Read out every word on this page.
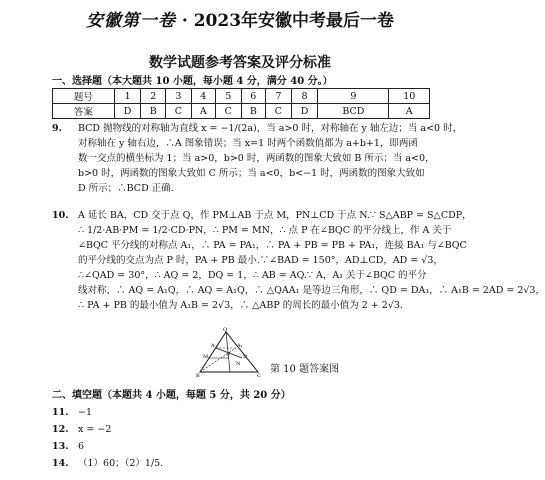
安徽第一卷 · 2023年安徽中考最后一卷
数学试题参考答案及评分标准
一、选择题（本大题共 10 小题，每小题 4 分，满分 40 分。）
题号	1	2	3	4	5	6	7	8	9	10
答案	D	B	C	A	C	B	C	D	BCD	A
9. BCD 抛物线的对称轴为直线 x = −1/(2a)，当 a>0 时，对称轴在 y 轴左边；当 a<0 时，
对称轴在 y 轴右边，∴A 图象错误；当 x=1 时两个函数值都为 a+b+1，即两函
数一交点的横坐标为 1；当 a>0，b>0 时，两函数的图象大致如 B 所示；当 a<0，
b>0 时，两函数的图象大致如 C 所示；当 a<0，b<−1 时，两函数的图象大致如
D 所示；∴BCD 正确.
10. A 延长 BA，CD 交于点 Q，作 PM⊥AB 于点 M，PN⊥CD 于点 N.∵ S△ABP = S△CDP，
∴ 1/2·AB·PM = 1/2·CD·PN，∴ PM = MN，∴ 点 P 在∠BQC 的平分线上，作 A 关于
∠BQC 平分线的对称点 A₁，∴ PA = PA₁，∴ PA + PB = PB + PA₁，连接 BA₁ 与∠BQC
的平分线的交点为点 P 时，PA + PB 最小.∵∠BAD = 150°，AD⊥CD，AD = √3，
∴∠QAD = 30°，∴ AQ = 2，DQ = 1，∴ AB = AQ.∵ A，A₁ 关于∠BQC 的平分
线对称，∴ AQ = A₁Q，∴ AQ = A₁Q，∴ △QAA₁ 是等边三角形，∴ QD = DA₁，∴ A₁B = 2AD = 2√3，
∴ PA + PB 的最小值为 A₁B = 2√3，∴ △ABP 的周长的最小值为 2 + 2√3.
Q
A	A₁
M	D
P
N
B	C
第 10 题答案图
二、填空题（本题共 4 小题，每题 5 分，共 20 分）
11. −1
12. x = −2
13. 6
14. （1）60；（2）1/5.
